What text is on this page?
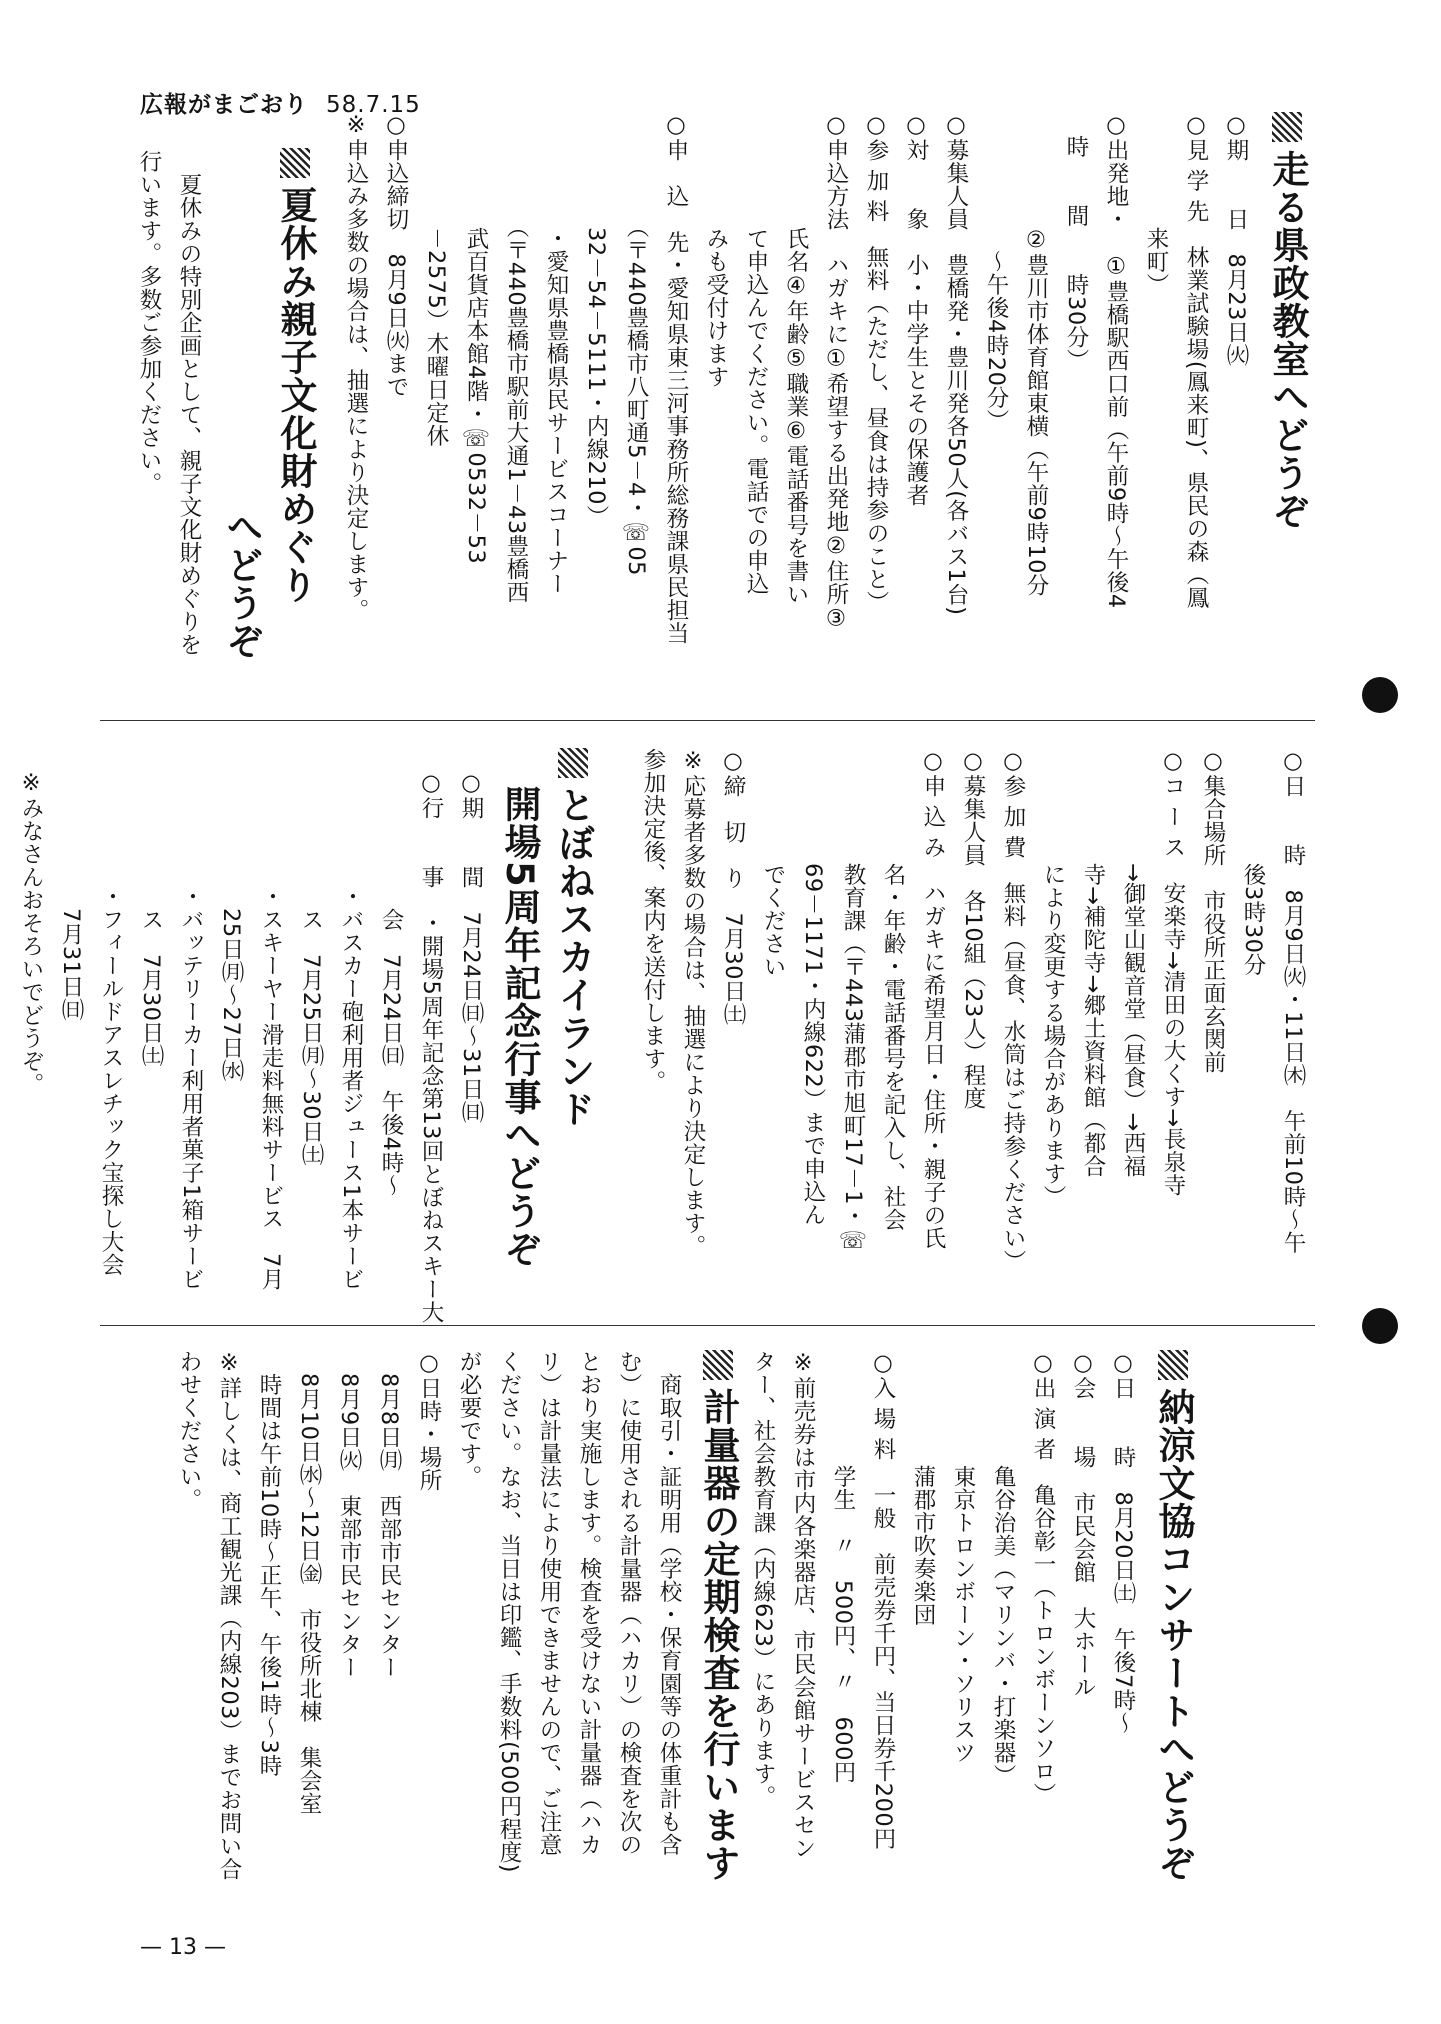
広報がまごおり 58.7.15
走る県政教室へどうぞ
○期　　日　8月23日㈫
○見 学 先　林業試験場(鳳来町)、県民の森（鳳
　　　　　来町）
○出発地・　①豊橋駅西口前（午前9時～午後4
　時　　間　　時30分）
　　　　　②豊川市体育館東横（午前9時10分
　　　　　　～午後4時20分）
○募集人員　豊橋発・豊川発各50人(各バス1台)
○対　　象　小・中学生とその保護者
○参 加 料　無料（ただし、昼食は持参のこと）
○申込方法　ハガキに①希望する出発地②住所③
　　　　　氏名④年齢⑤職業⑥電話番号を書い
　　　　　て申込んでください。電話での申込
　　　　　みも受付けます
○申　込　先・愛知県東三河事務所総務課県民担当
　　　　　（〒440豊橋市八町通5－4・☏05
　　　　　32－54－5111・内線210）
　　　　　・愛知県豊橋県民サービスコーナー
　　　　　（〒440豊橋市駅前大通1－43豊橋西
　　　　　武百貨店本館4階・☏0532－53
　　　　　－2575）木曜日定休
○申込締切　8月9日㈫まで
※申込み多数の場合は、抽選により決定します。
夏休み親子文化財めぐり
へどうぞ
　夏休みの特別企画として、親子文化財めぐりを
行います。多数ご参加ください。
○日　　時　8月9日㈫・11日㈭　午前10時～午
　　　　　後3時30分
○集合場所　市役所正面玄関前
○コ ー ス　安楽寺→清田の大くす→長泉寺
　　　　　→御堂山観音堂（昼食）→西福
　　　　　寺→補陀寺→郷土資料館（都合
　　　　　により変更する場合があります）
○参 加 費　無料（昼食、水筒はご持参ください）
○募集人員　各10組（23人）程度
○申 込 み　ハガキに希望月日・住所・親子の氏
　　　　　名・年齢・電話番号を記入し、社会
　　　　　教育課（〒443蒲郡市旭町17－1・☏
　　　　　69－1171・内線622）まで申込ん
　　　　　でください
○締　切　り　7月30日㈯
※応募者多数の場合は、抽選により決定します。
参加決定後、案内を送付します。
とぼねスカイランド
開場5周年記念行事へどうぞ
○期　　間　7月24日㈰～31日㈰
○行　　事　・開場5周年記念第13回とぼねスキー大
　　　　　　会　7月24日㈰　午後4時～
　　　　　・バスカー砲利用者ジュース1本サービ
　　　　　　ス　7月25日㈪～30日㈯
　　　　　・スキーヤー滑走料無料サービス　7月
　　　　　　25日㈪～27日㈬
　　　　　・バッテリーカー利用者菓子1箱サービ
　　　　　　ス　7月30日㈯
　　　　　・フィールドアスレチック宝探し大会
　　　　　　7月31日㈰
※みなさんおそろいでどうぞ。
納涼文協コンサートへどうぞ
○日　　時　8月20日㈯　午後7時～
○会　　場　市民会館　大ホール
○出 演 者　亀谷彰一（トロンボーンソロ）
　　　　　亀谷治美（マリンバ・打楽器）
　　　　　東京トロンボーン・ソリスツ
　　　　　蒲郡市吹奏楽団
○入 場 料　一般　前売券千円、当日券千200円
　　　　　学生　〃　500円、〃　600円
※前売券は市内各楽器店、市民会館サービスセン
ター、社会教育課（内線623）にあります。
計量器の定期検査を行います
　商取引・証明用（学校・保育園等の体重計も含
む）に使用される計量器（ハカリ）の検査を次の
とおり実施します。検査を受けない計量器（ハカ
リ）は計量法により使用できませんので、ご注意
ください。なお、当日は印鑑、手数料(500円程度)
が必要です。
○日時・場所
　8月8日㈪　西部市民センター
　8月9日㈫　東部市民センター
　8月10日㈬～12日㈮　市役所北棟　集会室
　時間は午前10時～正午、午後1時～3時
※詳しくは、商工観光課（内線203）までお問い合
わせください。
— 13 —
